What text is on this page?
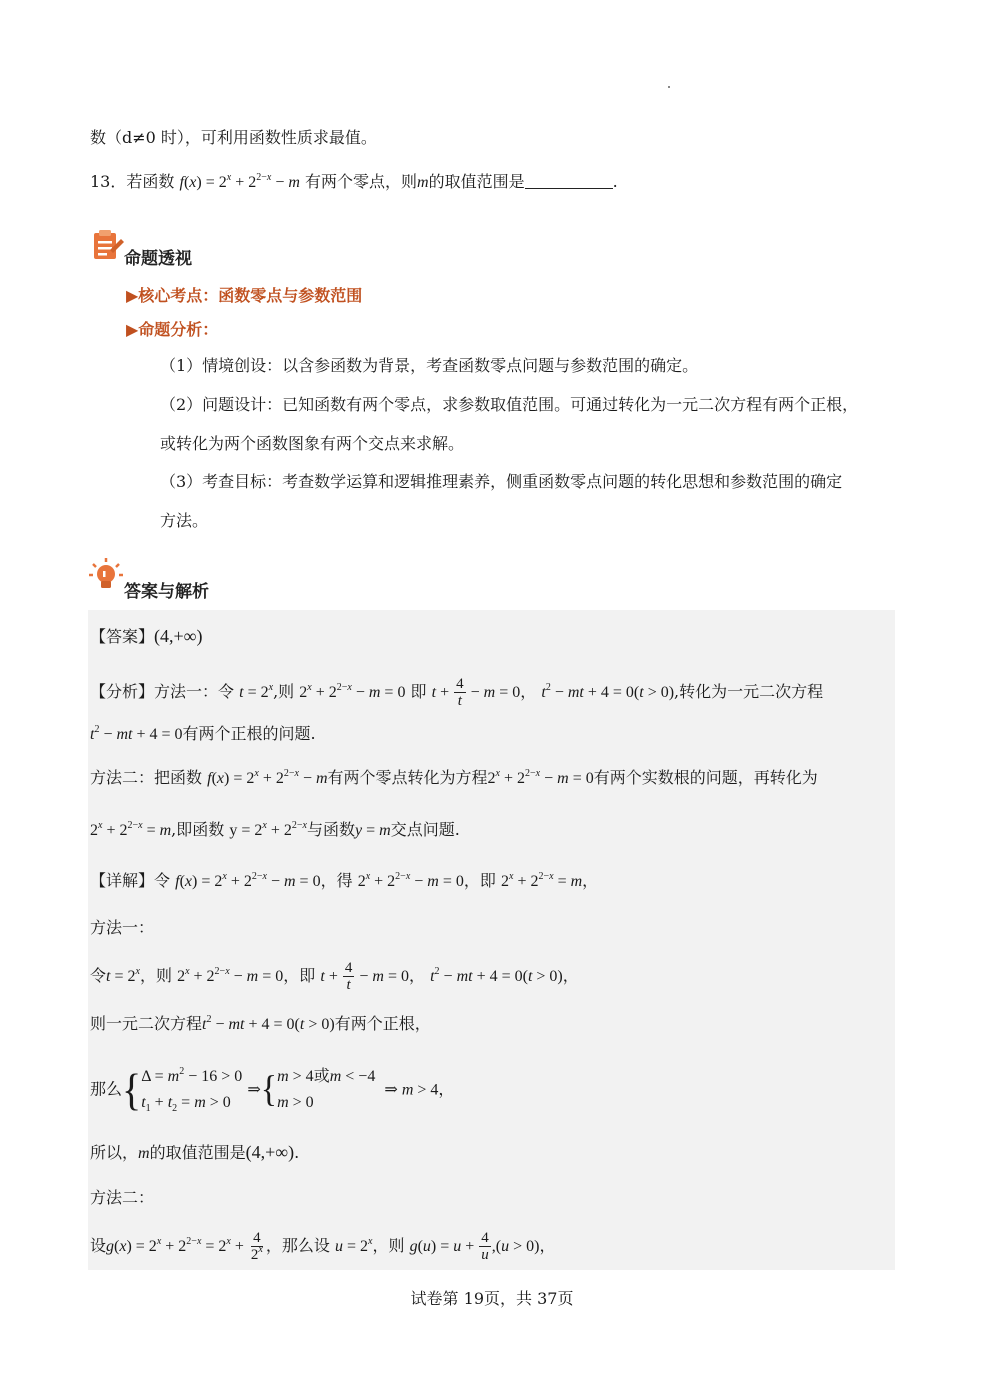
数（d≠0 时），可利用函数性质求最值。
13．若函数 $f(x) = 2^x + 2^{2-x} - m$ 有两个零点，则m的取值范围是	.
命题透视
▶核心考点：函数零点与参数范围
▶命题分析：
（1）情境创设：以含参函数为背景，考查函数零点问题与参数范围的确定。
（2）问题设计：已知函数有两个零点，求参数取值范围。可通过转化为一元二次方程有两个正根，
或转化为两个函数图象有两个交点来求解。
（3）考查目标：考查数学运算和逻辑推理素养，侧重函数零点问题的转化思想和参数范围的确定
方法。
答案与解析
【答案】(4,+∞)
【分析】方法一：令 $t = 2^x$,则 $2^x + 2^{2-x} - m = 0$ 即 $t + \frac{4}{t} - m = 0$， $t^2$ − mt + 4 = 0(t > 0),转化为一元二次方程
$t^2$ − mt + 4 = 0有两个正根的问题.
方法二：把函数 $f(x) = 2^x + 2^{2-x} - m$有两个零点转化为方程$2^x + 2^{2-x} - m = 0$有两个实数根的问题，再转化为
$2^x + 2^{2-x} = m$,即函数 $y = 2^x + 2^{2-x}$与函数y = m交点问题.
【详解】令 $f(x) = 2^x + 2^{2-x} - m = 0$，得 $2^x + 2^{2-x} - m = 0$，即 $2^x + 2^{2-x} = m$，
方法一：
令$t = 2^x$，则 $2^x + 2^{2-x} - m = 0$，即 $t + \frac{4}{t} - m = 0$， $t^2$ − mt + 4 = 0(t > 0)，
则一元二次方程$t^2$ − mt + 4 = 0(t > 0)有两个正根，
那么{ $\Delta = m^2 - 16 > 0$
$t_1 + t_2 = m > 0$
⇒{ m > 4或m < −4
m > 0
⇒ m > 4，
所以，m的取值范围是(4,+∞).
方法二：
设$g(x) = 2^x + 2^{2-x} = 2^x + \frac{4}{2^x}$ ，那么设 $u = 2^x$，则 $g(u) = u + \frac{4}{u} ,(u > 0)$，
试卷第 19页，共 37页
